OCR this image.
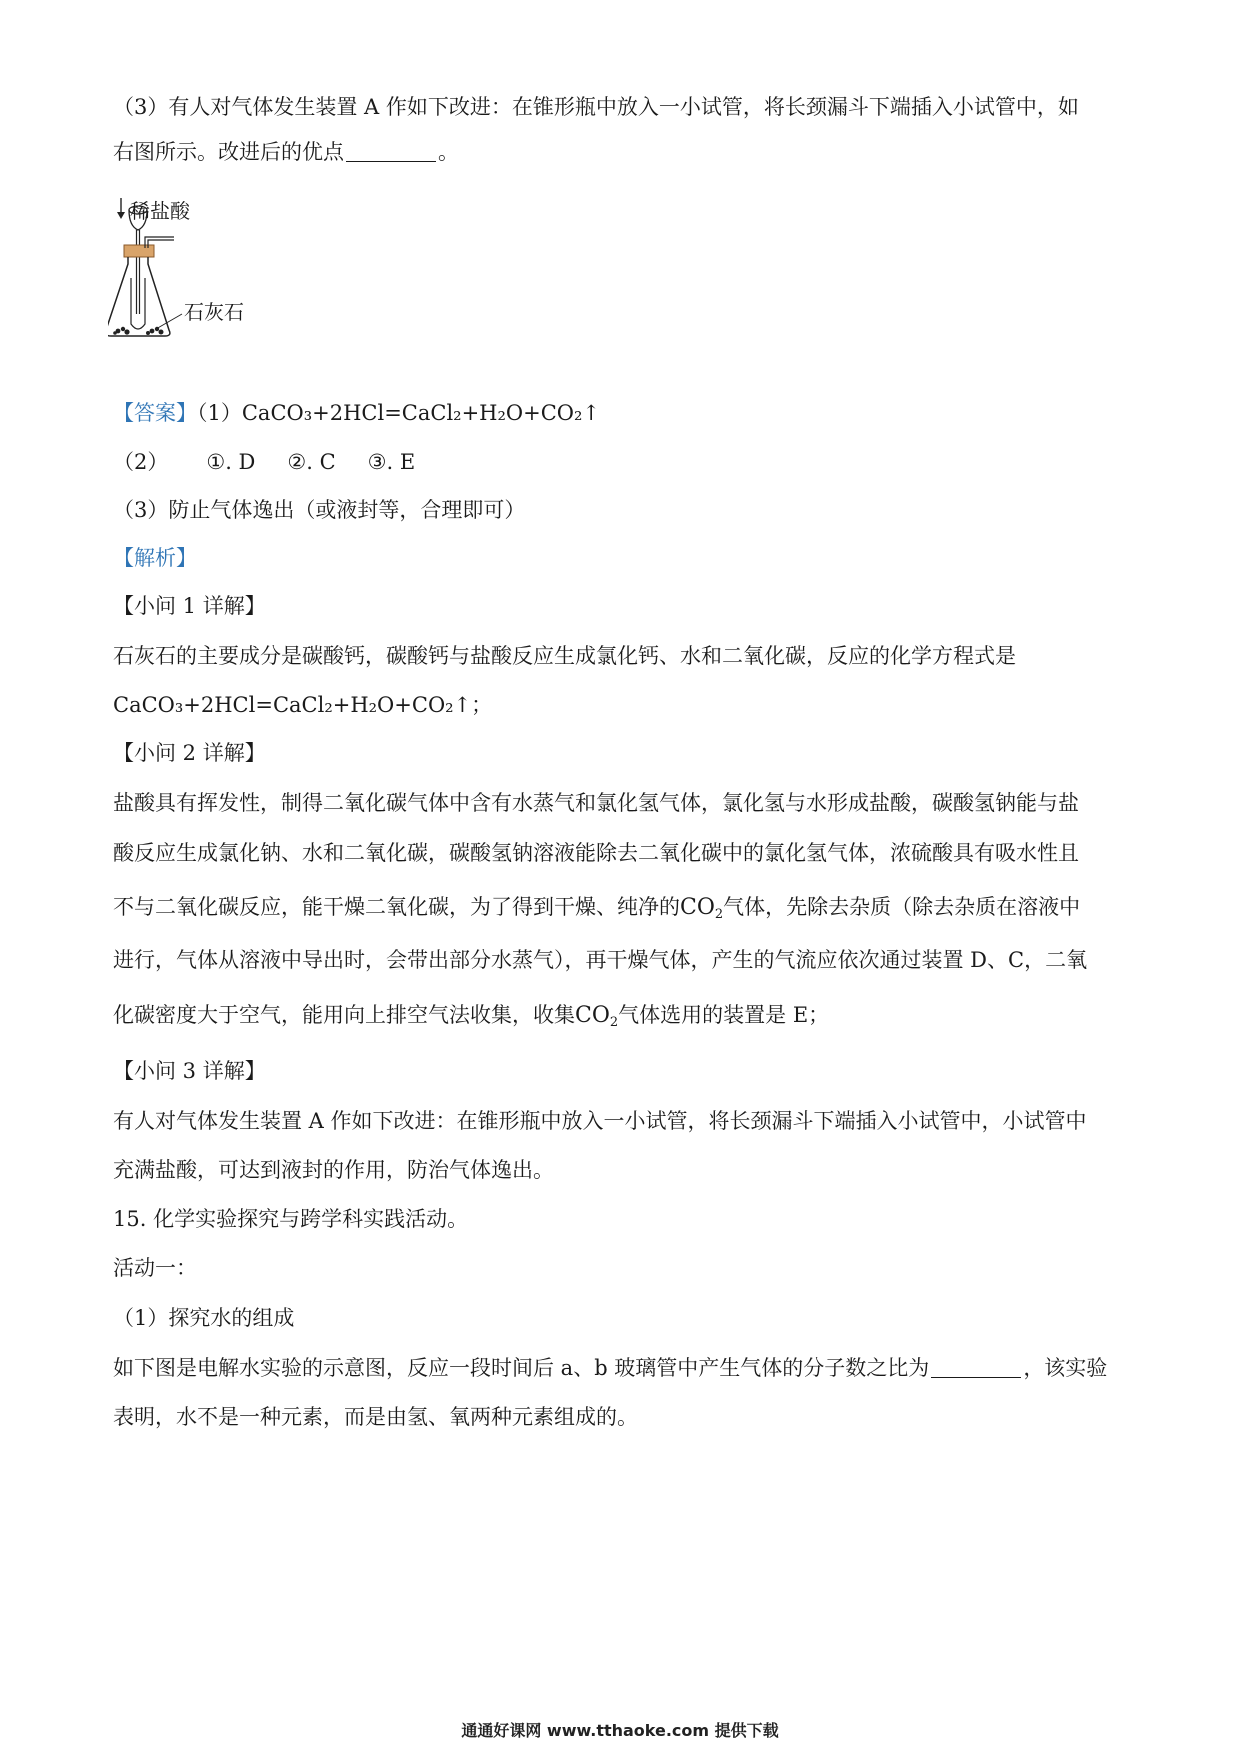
（3）有人对气体发生装置 A 作如下改进：在锥形瓶中放入一小试管，将长颈漏斗下端插入小试管中，如
右图所示。改进后的优点	。
稀盐酸
石灰石
【答案】（1）CaCO₃+2HCl=CaCl₂+H₂O+CO₂↑
（2） ①. D ②. C ③. E
（3）防止气体逸出（或液封等，合理即可）
【解析】
【小问 1 详解】
石灰石的主要成分是碳酸钙，碳酸钙与盐酸反应生成氯化钙、水和二氧化碳，反应的化学方程式是
CaCO₃+2HCl=CaCl₂+H₂O+CO₂↑；
【小问 2 详解】
盐酸具有挥发性，制得二氧化碳气体中含有水蒸气和氯化氢气体，氯化氢与水形成盐酸，碳酸氢钠能与盐
酸反应生成氯化钠、水和二氧化碳，碳酸氢钠溶液能除去二氧化碳中的氯化氢气体，浓硫酸具有吸水性且
不与二氧化碳反应，能干燥二氧化碳，为了得到干燥、纯净的$CO_2$气体，先除去杂质（除去杂质在溶液中
进行，气体从溶液中导出时，会带出部分水蒸气），再干燥气体，产生的气流应依次通过装置 D、C，二氧
化碳密度大于空气，能用向上排空气法收集，收集$CO_2$气体选用的装置是 E；
【小问 3 详解】
有人对气体发生装置 A 作如下改进：在锥形瓶中放入一小试管，将长颈漏斗下端插入小试管中，小试管中
充满盐酸，可达到液封的作用，防治气体逸出。
15. 化学实验探究与跨学科实践活动。
活动一：
（1）探究水的组成
如下图是电解水实验的示意图，反应一段时间后 a、b 玻璃管中产生气体的分子数之比为	，该实验
表明，水不是一种元素，而是由氢、氧两种元素组成的。
通通好课网 www.tthaoke.com 提供下载
